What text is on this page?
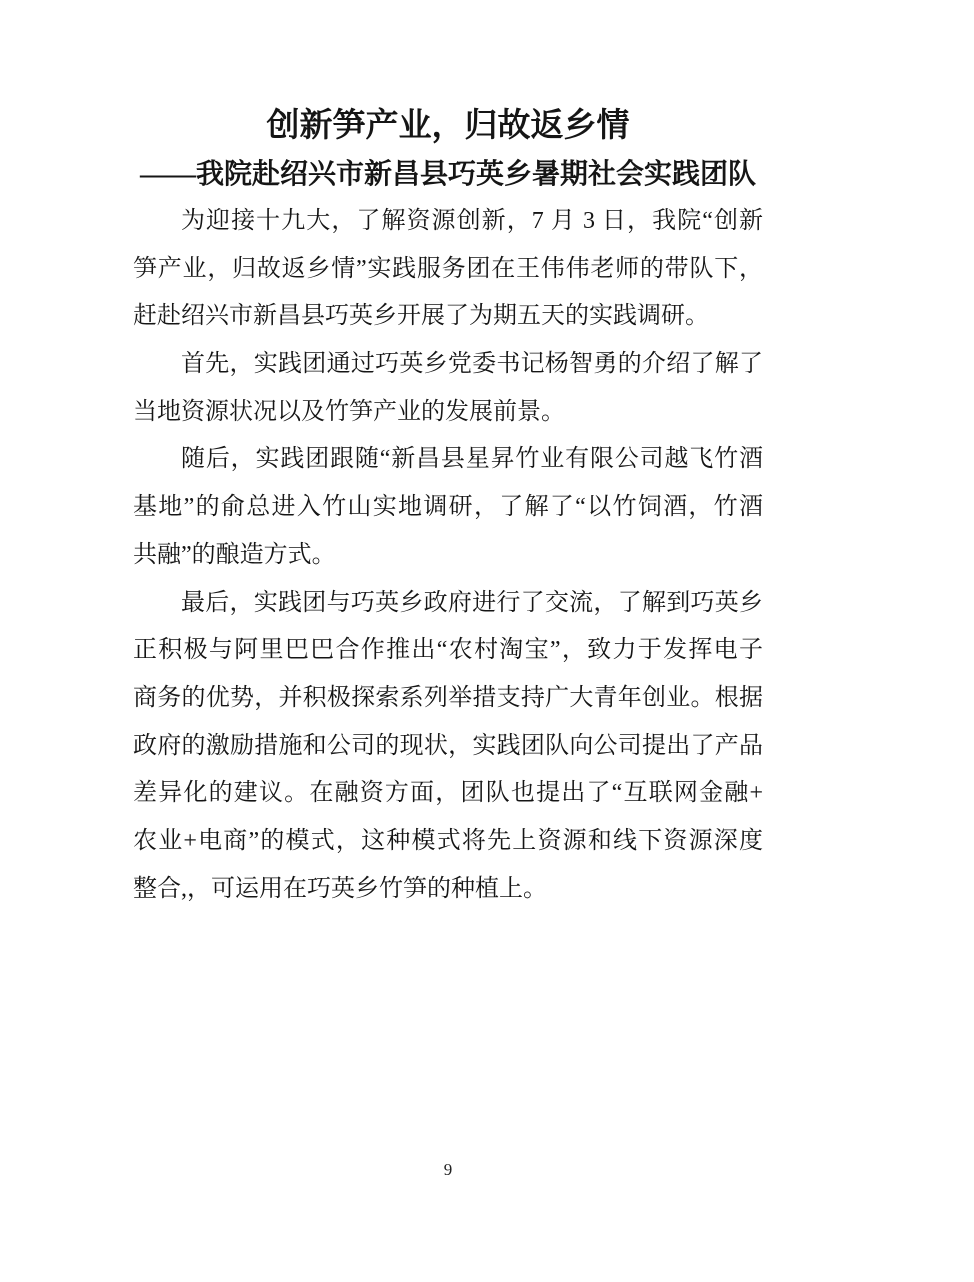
创新笋产业，归故返乡情
——我院赴绍兴市新昌县巧英乡暑期社会实践团队
为迎接十九大，了解资源创新，7 月 3 日，我院“创新
笋产业，归故返乡情”实践服务团在王伟伟老师的带队下，
赶赴绍兴市新昌县巧英乡开展了为期五天的实践调研。
首先，实践团通过巧英乡党委书记杨智勇的介绍了解了
当地资源状况以及竹笋产业的发展前景。
随后，实践团跟随“新昌县星昇竹业有限公司越飞竹酒
基地”的俞总进入竹山实地调研，了解了“以竹饲酒，竹酒
共融”的酿造方式。
最后，实践团与巧英乡政府进行了交流，了解到巧英乡
正积极与阿里巴巴合作推出“农村淘宝”，致力于发挥电子
商务的优势，并积极探索系列举措支持广大青年创业。根据
政府的激励措施和公司的现状，实践团队向公司提出了产品
差异化的建议。在融资方面，团队也提出了“互联网金融+
农业+电商”的模式，这种模式将先上资源和线下资源深度
整合,，可运用在巧英乡竹笋的种植上。
9
